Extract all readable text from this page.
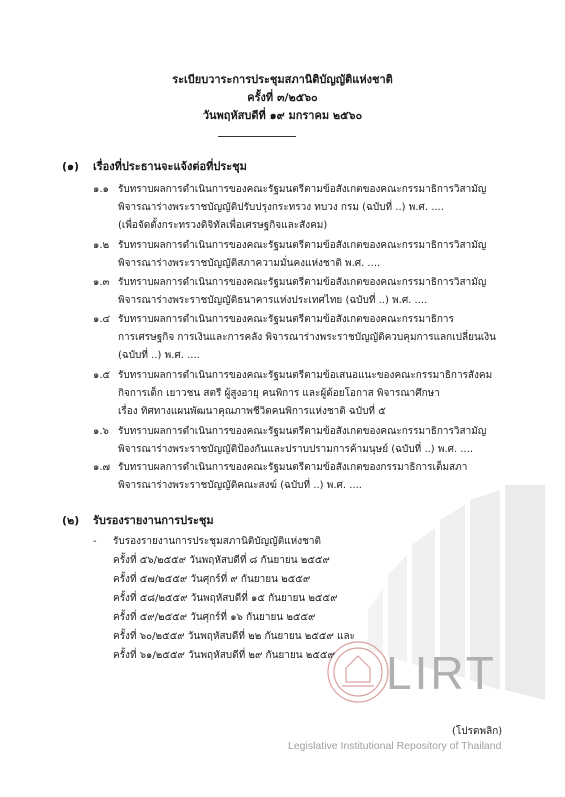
LIRT
Legislative Institutional Repository of Thailand
ระเบียบวาระการประชุมสภานิติบัญญัติแห่งชาติ
ครั้งที่ ๓/๒๕๖๐
วันพฤหัสบดีที่ ๑๙ มกราคม ๒๕๖๐
(๑) เรื่องที่ประธานจะแจ้งต่อที่ประชุม
๑.๑ รับทราบผลการดำเนินการของคณะรัฐมนตรีตามข้อสังเกตของคณะกรรมาธิการวิสามัญ
พิจารณาร่างพระราชบัญญัติปรับปรุงกระทรวง ทบวง กรม (ฉบับที่ ..) พ.ศ. ....
(เพื่อจัดตั้งกระทรวงดิจิทัลเพื่อเศรษฐกิจและสังคม)
๑.๒ รับทราบผลการดำเนินการของคณะรัฐมนตรีตามข้อสังเกตของคณะกรรมาธิการวิสามัญ
พิจารณาร่างพระราชบัญญัติสภาความมั่นคงแห่งชาติ พ.ศ. ....
๑.๓ รับทราบผลการดำเนินการของคณะรัฐมนตรีตามข้อสังเกตของคณะกรรมาธิการวิสามัญ
พิจารณาร่างพระราชบัญญัติธนาคารแห่งประเทศไทย (ฉบับที่ ..) พ.ศ. ....
๑.๔ รับทราบผลการดำเนินการของคณะรัฐมนตรีตามข้อสังเกตของคณะกรรมาธิการ
การเศรษฐกิจ การเงินและการคลัง พิจารณาร่างพระราชบัญญัติควบคุมการแลกเปลี่ยนเงิน
(ฉบับที่ ..) พ.ศ. ....
๑.๕ รับทราบผลการดำเนินการของคณะรัฐมนตรีตามข้อเสนอแนะของคณะกรรมาธิการสังคม
กิจการเด็ก เยาวชน สตรี ผู้สูงอายุ คนพิการ และผู้ด้อยโอกาส พิจารณาศึกษา
เรื่อง ทิศทางแผนพัฒนาคุณภาพชีวิตคนพิการแห่งชาติ ฉบับที่ ๕
๑.๖ รับทราบผลการดำเนินการของคณะรัฐมนตรีตามข้อสังเกตของคณะกรรมาธิการวิสามัญ
พิจารณาร่างพระราชบัญญัติป้องกันและปราบปรามการค้ามนุษย์ (ฉบับที่ ..) พ.ศ. ....
๑.๗ รับทราบผลการดำเนินการของคณะรัฐมนตรีตามข้อสังเกตของกรรมาธิการเต็มสภา
พิจารณาร่างพระราชบัญญัติคณะสงฆ์ (ฉบับที่ ..) พ.ศ. ....
(๒) รับรองรายงานการประชุม
- รับรองรายงานการประชุมสภานิติบัญญัติแห่งชาติ
ครั้งที่ ๕๖/๒๕๕๙ วันพฤหัสบดีที่ ๘ กันยายน ๒๕๕๙
ครั้งที่ ๕๗/๒๕๕๙ วันศุกร์ที่ ๙ กันยายน ๒๕๕๙
ครั้งที่ ๕๘/๒๕๕๙ วันพฤหัสบดีที่ ๑๕ กันยายน ๒๕๕๙
ครั้งที่ ๕๙/๒๕๕๙ วันศุกร์ที่ ๑๖ กันยายน ๒๕๕๙
ครั้งที่ ๖๐/๒๕๕๙ วันพฤหัสบดีที่ ๒๒ กันยายน ๒๕๕๙ และ
ครั้งที่ ๖๑/๒๕๕๙ วันพฤหัสบดีที่ ๒๙ กันยายน ๒๕๕๙
(โปรดพลิก)
